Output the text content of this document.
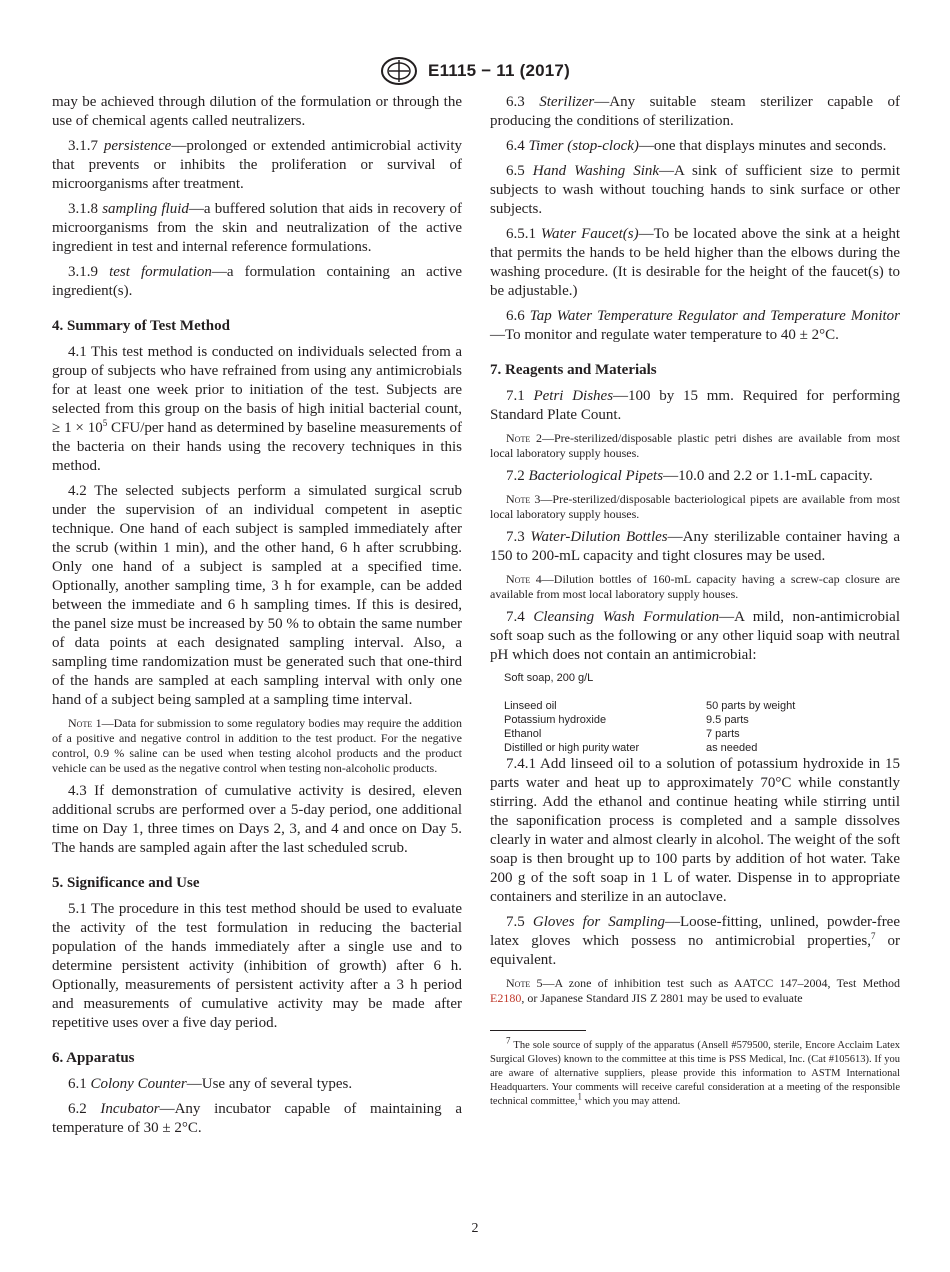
E1115 − 11 (2017)

may be achieved through dilution of the formulation or through the use of chemical agents called neutralizers.

3.1.7 persistence—prolonged or extended antimicrobial activity that prevents or inhibits the proliferation or survival of microorganisms after treatment.

3.1.8 sampling fluid—a buffered solution that aids in recovery of microorganisms from the skin and neutralization of the active ingredient in test and internal reference formulations.

3.1.9 test formulation—a formulation containing an active ingredient(s).

4. Summary of Test Method

4.1 This test method is conducted on individuals selected from a group of subjects who have refrained from using any antimicrobials for at least one week prior to initiation of the test. Subjects are selected from this group on the basis of high initial bacterial count, ≥ $1 \times 10^5$ CFU/per hand as determined by baseline measurements of the bacteria on their hands using the recovery techniques in this method.

4.2 The selected subjects perform a simulated surgical scrub under the supervision of an individual competent in aseptic technique. One hand of each subject is sampled immediately after the scrub (within 1 min), and the other hand, 6 h after scrubbing. Only one hand of a subject is sampled at a specified time. Optionally, another sampling time, 3 h for example, can be added between the immediate and 6 h sampling times. If this is desired, the panel size must be increased by 50 % to obtain the same number of data points at each designated sampling interval. Also, a sampling time randomization must be generated such that one-third of the hands are sampled at each sampling interval with only one hand of a subject being sampled at a sampling time interval.

Note 1—Data for submission to some regulatory bodies may require the addition of a positive and negative control in addition to the test product. For the negative control, 0.9 % saline can be used when testing alcohol products and the product vehicle can be used as the negative control when testing non-alcoholic products.

4.3 If demonstration of cumulative activity is desired, eleven additional scrubs are performed over a 5-day period, one additional time on Day 1, three times on Days 2, 3, and 4 and once on Day 5. The hands are sampled again after the last scheduled scrub.

5. Significance and Use

5.1 The procedure in this test method should be used to evaluate the activity of the test formulation in reducing the bacterial population of the hands immediately after a single use and to determine persistent activity (inhibition of growth) after 6 h. Optionally, measurements of persistent activity after a 3 h period and measurements of cumulative activity may be made after repetitive uses over a five day period.

6. Apparatus

6.1 Colony Counter—Use any of several types.

6.2 Incubator—Any incubator capable of maintaining a temperature of 30 ± 2°C.

6.3 Sterilizer—Any suitable steam sterilizer capable of producing the conditions of sterilization.

6.4 Timer (stop-clock)—one that displays minutes and seconds.

6.5 Hand Washing Sink—A sink of sufficient size to permit subjects to wash without touching hands to sink surface or other subjects.

6.5.1 Water Faucet(s)—To be located above the sink at a height that permits the hands to be held higher than the elbows during the washing procedure. (It is desirable for the height of the faucet(s) to be adjustable.)

6.6 Tap Water Temperature Regulator and Temperature Monitor—To monitor and regulate water temperature to 40 ± 2°C.

7. Reagents and Materials

7.1 Petri Dishes—100 by 15 mm. Required for performing Standard Plate Count.

Note 2—Pre-sterilized/disposable plastic petri dishes are available from most local laboratory supply houses.

7.2 Bacteriological Pipets—10.0 and 2.2 or 1.1-mL capacity.

Note 3—Pre-sterilized/disposable bacteriological pipets are available from most local laboratory supply houses.

7.3 Water-Dilution Bottles—Any sterilizable container having a 150 to 200-mL capacity and tight closures may be used.

Note 4—Dilution bottles of 160-mL capacity having a screw-cap closure are available from most local laboratory supply houses.

7.4 Cleansing Wash Formulation—A mild, non-antimicrobial soft soap such as the following or any other liquid soap with neutral pH which does not contain an antimicrobial:

Soft soap, 200 g/L
Linseed oil	50 parts by weight
Potassium hydroxide	9.5 parts
Ethanol	7 parts
Distilled or high purity water	as needed

7.4.1 Add linseed oil to a solution of potassium hydroxide in 15 parts water and heat up to approximately 70°C while constantly stirring. Add the ethanol and continue heating while stirring until the saponification process is completed and a sample dissolves clearly in water and almost clearly in alcohol. The weight of the soft soap is then brought up to 100 parts by addition of hot water. Take 200 g of the soft soap in 1 L of water. Dispense in to appropriate containers and sterilize in an autoclave.

7.5 Gloves for Sampling—Loose-fitting, unlined, powder-free latex gloves which possess no antimicrobial properties,$^7$ or equivalent.

Note 5—A zone of inhibition test such as AATCC 147–2004, Test Method E2180, or Japanese Standard JIS Z 2801 may be used to evaluate

$^7$ The sole source of supply of the apparatus (Ansell #579500, sterile, Encore Acclaim Latex Surgical Gloves) known to the committee at this time is PSS Medical, Inc. (Cat #105613). If you are aware of alternative suppliers, please provide this information to ASTM International Headquarters. Your comments will receive careful consideration at a meeting of the responsible technical committee,$^1$ which you may attend.

2
